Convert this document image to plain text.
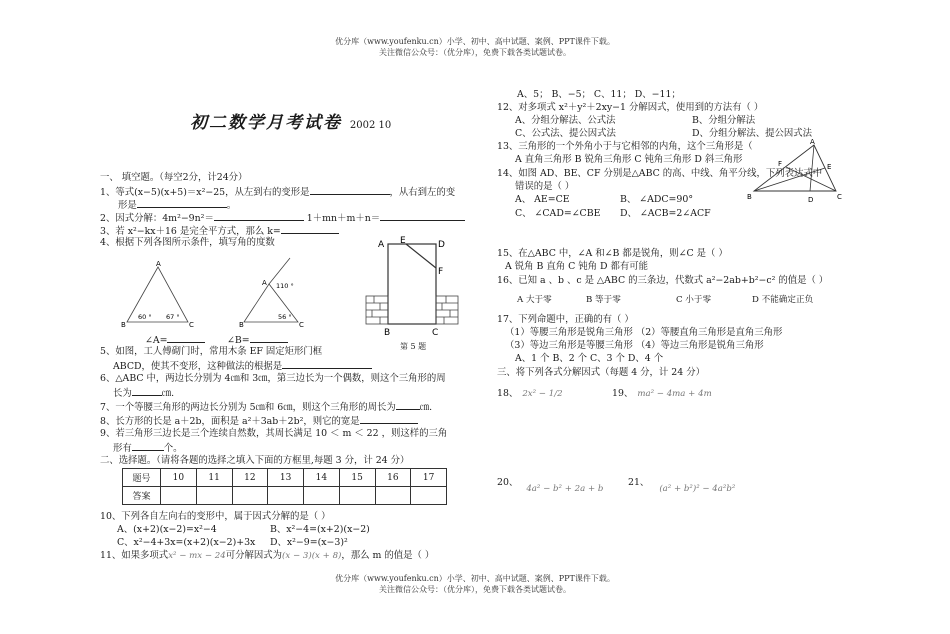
优分库（www.youfenku.cn）小学、初中、高中试题、案例、PPT课件下载。
关注微信公众号：（优分库），免费下载各类试题试卷。
初二数学月考试卷 2002 10
一、 填空题。（每空2分，计24分）
1、等式(x−5)(x+5)＝x²−25，从左到右的变形是	，从右到左的变
形是	。
2、因式分解：4m²−9n²＝	1＋mn＋m＋n＝
3、若 x²−kx＋16 是完全平方式，那么 k=
4、根据下列各图所示条件，填写角的度数
A
B	C
60 ° 67 °
A
B	C
110 °
56 °
A E	D
F
B	C
∠A=	∠B=
第 5 题
5、如图，工人傅砌门时，常用木条 EF 固定矩形门框
ABCD，使其不变形，这种做法的根据是
6、△ABC 中，两边长分别为 4㎝和 3㎝，第三边长为一个偶数，则这个三角形的周
长为	㎝.
7、一个等腰三角形的两边长分别为 5㎝和 6㎝，则这个三角形的周长为	㎝.
8、长方形的长是 a＋2b，面积是 a²＋3ab＋2b²，则它的宽是
9、若三角形三边长是三个连续自然数，其周长满足 10 ＜ m ＜ 22 ，则这样的三角
形有	个。
二、选择题。（请将各题的选择之填入下面的方框里,每题 3 分，计 24 分）
题号	10	11	12	13	14	15	16	17
答案								
10、下列各自左向右的变形中，属于因式分解的是（ ）
A、(x+2)(x−2)=x²−4	B、x²−4=(x+2)(x−2)
C、x²−4+3x=(x+2)(x−2)+3x D、x²−9=(x−3)²
11、如果多项式x² − mx − 24可分解因式为(x − 3)(x + 8)，那么 m 的值是（ ）
A、5； B、−5； C、11； D、−11；
12、对多项式 x²＋y²＋2xy−1 分解因式，使用到的方法有（ ）
A、分组分解法、公式法	B、分组分解法
C、公式法、提公因式法	D、分组分解法、提公因式法
13、三角形的一个外角小于与它相邻的内角，这个三角形是（
A 直角三角形 B 锐角三角形 C 钝角三角形 D 斜三角形
14、如图 AD、BE、CF 分别是△ABC 的高、中线、角平分线，下列表达式中
错误的是（ ）
A、 AE=CE	B、 ∠ADC=90°
C、 ∠CAD=∠CBE D、 ∠ACB=2∠ACF
A
B	C
D
E
F
15、在△ABC 中，∠A 和∠B 都是锐角，则∠C 是（ ）
A 锐角 B 直角 C 钝角 D 都有可能
16、已知 a 、b 、c 是 △ABC 的三条边，代数式 a²−2ab+b²−c² 的值是（ ）
A 大于零	B 等于零	C 小于零	D 不能确定正负
17、下列命题中，正确的有（ ）
（1）等腰三角形是锐角三角形 （2）等腰直角三角形是直角三角形
（3）等边三角形是等腰三角形 （4）等边三角形是锐角三角形
A、1 个 B、2 个 C、3 个 D、4 个
三、将下列各式分解因式（每题 4 分，计 24 分）
18、 2x² − 1/2	19、 ma² − 4ma + 4m
20、4a² − b² + 2a + b
21、(a² + b²)² − 4a²b²
优分库（www.youfenku.cn）小学、初中、高中试题、案例、PPT课件下载。
关注微信公众号：（优分库），免费下载各类试题试卷。
